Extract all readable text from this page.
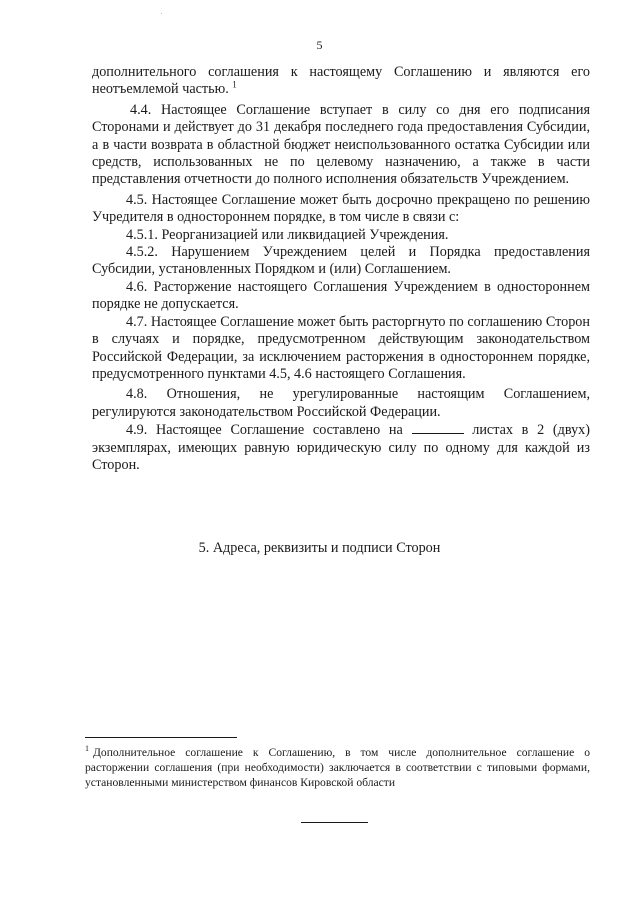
5

дополнительного соглашения к настоящему Соглашению и являются его неотъемлемой частью. $^1$

4.4. Настоящее Соглашение вступает в силу со дня его подписания Сторонами и действует до 31 декабря последнего года предоставления Субсидии, а в части возврата в областной бюджет неиспользованного остатка Субсидии или средств, использованных не по целевому назначению, а также в части представления отчетности до полного исполнения обязательств Учреждением.

4.5. Настоящее Соглашение может быть досрочно прекращено по решению Учредителя в одностороннем порядке, в том числе в связи с:

4.5.1. Реорганизацией или ликвидацией Учреждения.

4.5.2. Нарушением Учреждением целей и Порядка предоставления Субсидии, установленных Порядком и (или) Соглашением.

4.6. Расторжение настоящего Соглашения Учреждением в одностороннем порядке не допускается.

4.7. Настоящее Соглашение может быть расторгнуто по соглашению Сторон в случаях и порядке, предусмотренном действующим законодательством Российской Федерации, за исключением расторжения в одностороннем порядке, предусмотренного пунктами 4.5, 4.6 настоящего Соглашения.

4.8. Отношения, не урегулированные настоящим Соглашением, регулируются законодательством Российской Федерации.

4.9. Настоящее Соглашение составлено на	листах в 2 (двух) экземплярах, имеющих равную юридическую силу по одному для каждой из Сторон.

5. Адреса, реквизиты и подписи Сторон
$^1$ Дополнительное соглашение к Соглашению, в том числе дополнительное соглашение о расторжении соглашения (при необходимости) заключается в соответствии с типовыми формами, установленными министерством финансов Кировской области
